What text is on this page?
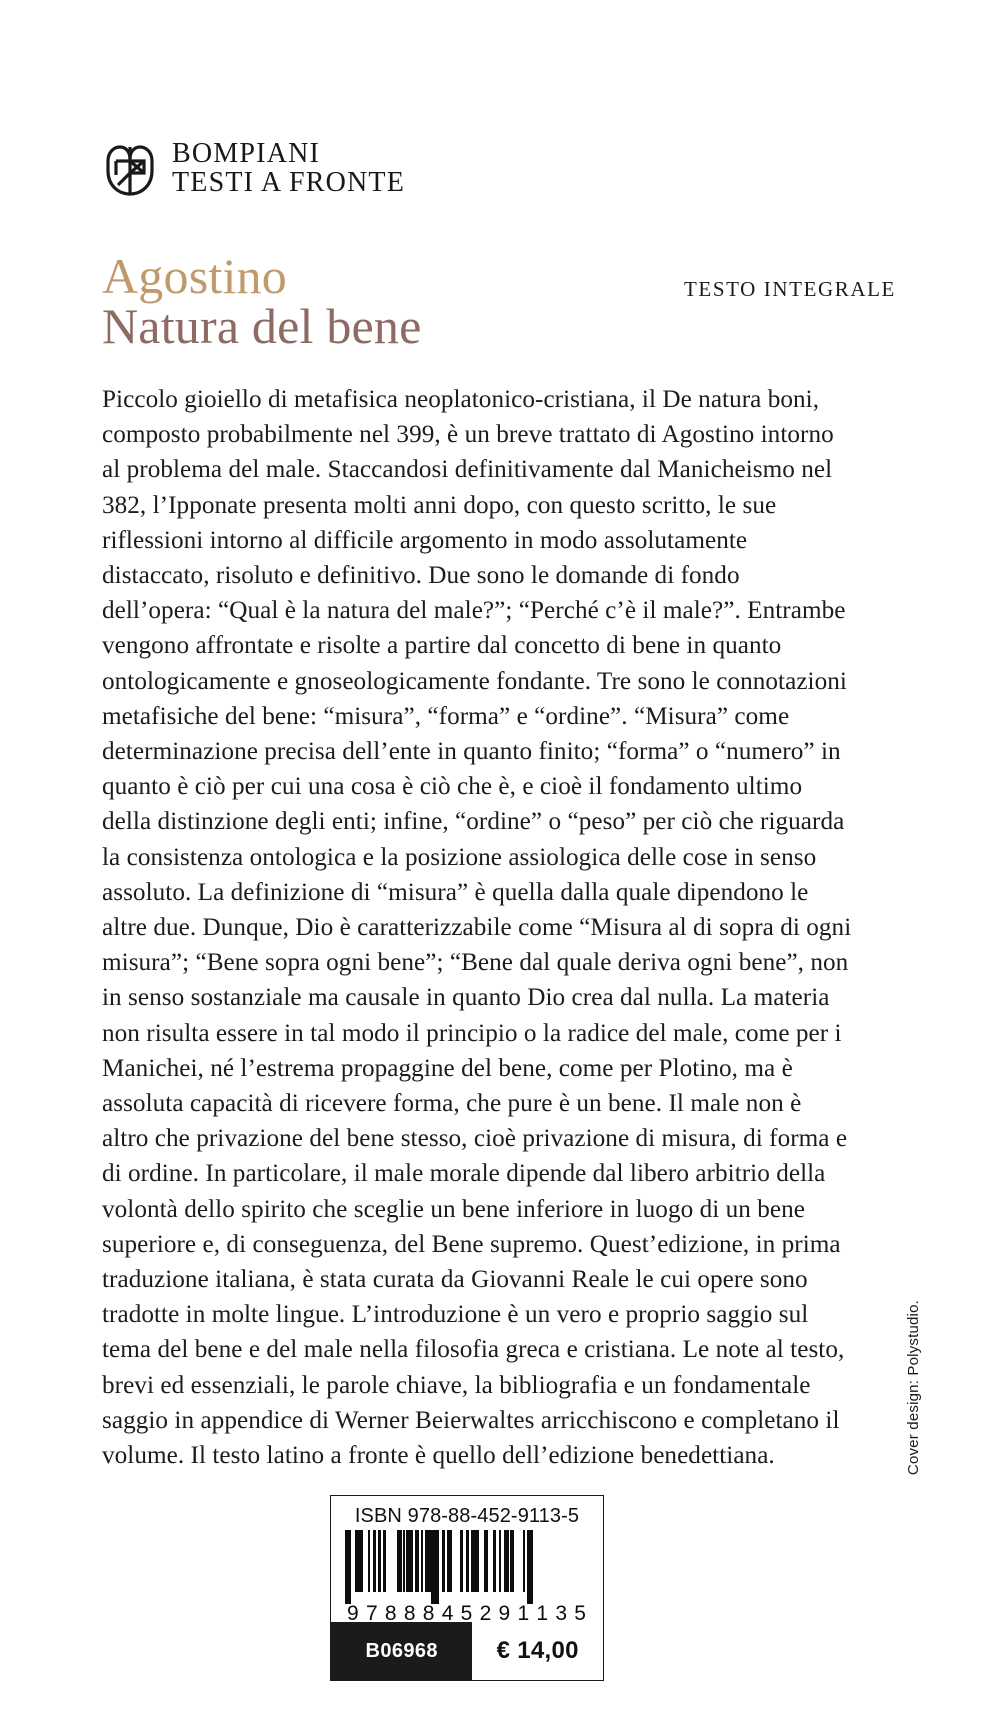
BOMPIANI
TESTI A FRONTE
Agostino
Natura del bene
TESTO INTEGRALE

Piccolo gioiello di metafisica neoplatonico-cristiana, il De natura boni, composto probabilmente nel 399, è un breve trattato di Agostino intorno al problema del male. Staccandosi definitivamente dal Manicheismo nel 382, l’Ipponate presenta molti anni dopo, con questo scritto, le sue riflessioni intorno al difficile argomento in modo assolutamente distaccato, risoluto e definitivo. Due sono le domande di fondo dell’opera: “Qual è la natura del male?”; “Perché c’è il male?”. Entrambe vengono affrontate e risolte a partire dal concetto di bene in quanto ontologicamente e gnoseologicamente fondante. Tre sono le connotazioni metafisiche del bene: “misura”, “forma” e “ordine”. “Misura” come determinazione precisa dell’ente in quanto finito; “forma” o “numero” in quanto è ciò per cui una cosa è ciò che è, e cioè il fondamento ultimo della distinzione degli enti; infine, “ordine” o “peso” per ciò che riguarda la consistenza ontologica e la posizione assiologica delle cose in senso assoluto. La definizione di “misura” è quella dalla quale dipendono le altre due. Dunque, Dio è caratterizzabile come “Misura al di sopra di ogni misura”; “Bene sopra ogni bene”; “Bene dal quale deriva ogni bene”, non in senso sostanziale ma causale in quanto Dio crea dal nulla. La materia non risulta essere in tal modo il principio o la radice del male, come per i Manichei, né l’estrema propaggine del bene, come per Plotino, ma è assoluta capacità di ricevere forma, che pure è un bene. Il male non è altro che privazione del bene stesso, cioè privazione di misura, di forma e di ordine. In particolare, il male morale dipende dal libero arbitrio della volontà dello spirito che sceglie un bene inferiore in luogo di un bene superiore e, di conseguenza, del Bene supremo. Quest’edizione, in prima traduzione italiana, è stata curata da Giovanni Reale le cui opere sono tradotte in molte lingue. L’introduzione è un vero e proprio saggio sul tema del bene e del male nella filosofia greca e cristiana. Le note al testo, brevi ed essenziali, le parole chiave, la bibliografia e un fondamentale saggio in appendice di Werner Beierwaltes arricchiscono e completano il volume. Il testo latino a fronte è quello dell’edizione benedettiana.

ISBN 978-88-452-9113-5
9 7 8 8 8 4 5 2 9 1 1 3 5
B06968	€ 14,00
Cover design: Polystudio.
